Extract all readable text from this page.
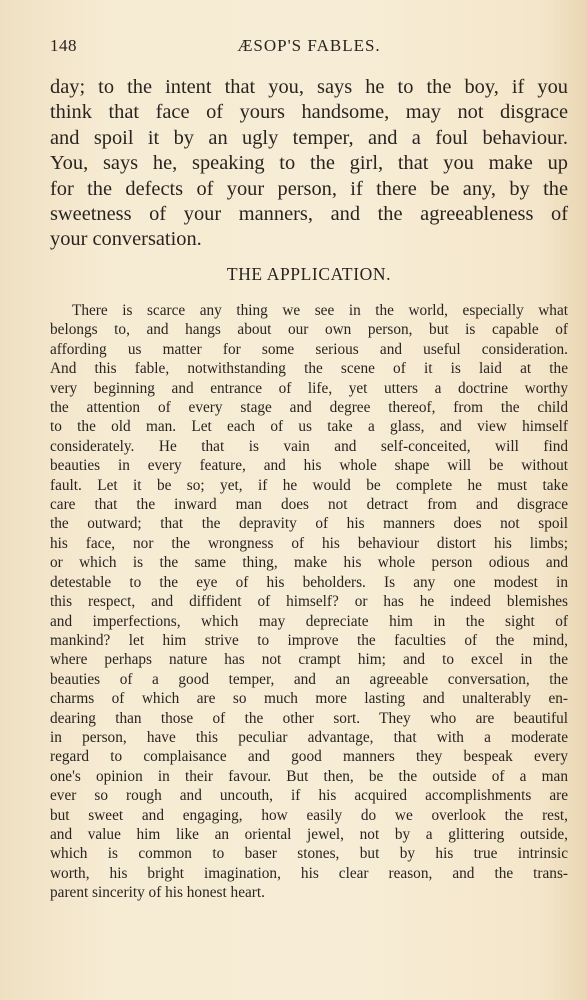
148	ÆSOP'S FABLES.

day; to the intent that you, says he to the boy, if you
think that face of yours handsome, may not disgrace
and spoil it by an ugly temper, and a foul behaviour.
You, says he, speaking to the girl, that you make up
for the defects of your person, if there be any, by the
sweetness of your manners, and the agreeableness of
your conversation.

THE APPLICATION.

There is scarce any thing we see in the world, especially what
belongs to, and hangs about our own person, but is capable of
affording us matter for some serious and useful consideration.
And this fable, notwithstanding the scene of it is laid at the
very beginning and entrance of life, yet utters a doctrine worthy
the attention of every stage and degree thereof, from the child
to the old man. Let each of us take a glass, and view himself
considerately. He that is vain and self-conceited, will find
beauties in every feature, and his whole shape will be without
fault. Let it be so; yet, if he would be complete he must take
care that the inward man does not detract from and disgrace
the outward; that the depravity of his manners does not spoil
his face, nor the wrongness of his behaviour distort his limbs;
or which is the same thing, make his whole person odious and
detestable to the eye of his beholders. Is any one modest in
this respect, and diffident of himself? or has he indeed blemishes
and imperfections, which may depreciate him in the sight of
mankind? let him strive to improve the faculties of the mind,
where perhaps nature has not crampt him; and to excel in the
beauties of a good temper, and an agreeable conversation, the
charms of which are so much more lasting and unalterably en-
dearing than those of the other sort. They who are beautiful
in person, have this peculiar advantage, that with a moderate
regard to complaisance and good manners they bespeak every
one's opinion in their favour. But then, be the outside of a man
ever so rough and uncouth, if his acquired accomplishments are
but sweet and engaging, how easily do we overlook the rest,
and value him like an oriental jewel, not by a glittering outside,
which is common to baser stones, but by his true intrinsic
worth, his bright imagination, his clear reason, and the trans-
parent sincerity of his honest heart.
